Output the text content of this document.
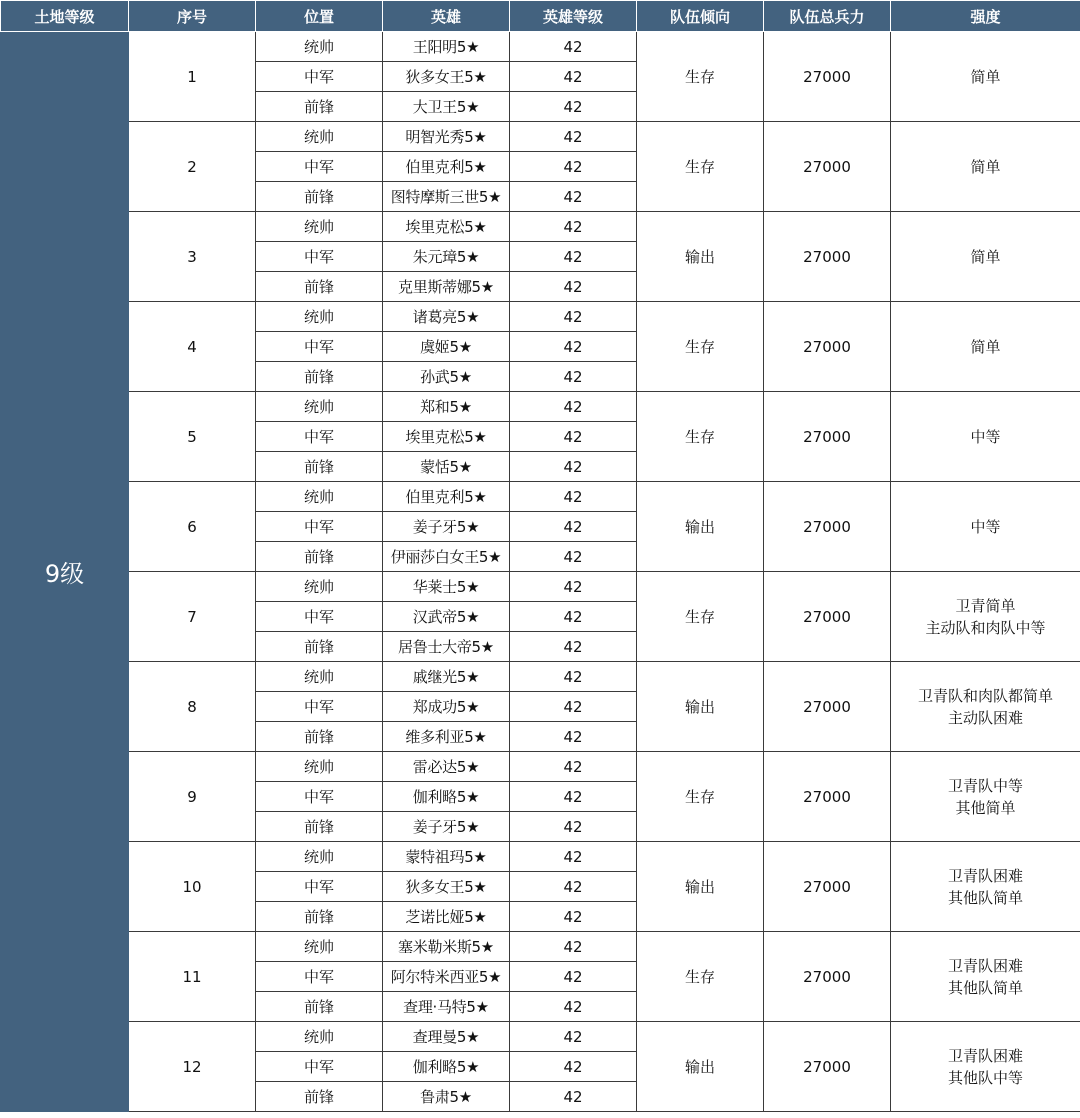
土地等级	序号	位置	英雄	英雄等级	队伍倾向	队伍总兵力	强度
9级	1	统帅	王阳明5★	42	生存	27000	简单

		中军	狄多女王5★	42			
		前锋	大卫王5★	42			
	2	统帅	明智光秀5★	42	生存	27000	简单

		中军	伯里克利5★	42			
		前锋	图特摩斯三世5★	42			
	3	统帅	埃里克松5★	42	输出	27000	简单

		中军	朱元璋5★	42			
		前锋	克里斯蒂娜5★	42			
	4	统帅	诸葛亮5★	42	生存	27000	简单

		中军	虞姬5★	42			
		前锋	孙武5★	42			
	5	统帅	郑和5★	42	生存	27000	中等

		中军	埃里克松5★	42			
		前锋	蒙恬5★	42			
	6	统帅	伯里克利5★	42	输出	27000	中等

		中军	姜子牙5★	42			
		前锋	伊丽莎白女王5★	42			
	7	统帅	华莱士5★	42	生存	27000	卫青简单
主动队和肉队中等

		中军	汉武帝5★	42			
		前锋	居鲁士大帝5★	42			
	8	统帅	戚继光5★	42	输出	27000	卫青队和肉队都简单
主动队困难

		中军	郑成功5★	42			
		前锋	维多利亚5★	42			
	9	统帅	雷必达5★	42	生存	27000	卫青队中等
其他简单

		中军	伽利略5★	42			
		前锋	姜子牙5★	42			
	10	统帅	蒙特祖玛5★	42	输出	27000	卫青队困难
其他队简单

		中军	狄多女王5★	42			
		前锋	芝诺比娅5★	42			
	11	统帅	塞米勒米斯5★	42	生存	27000	卫青队困难
其他队简单

		中军	阿尔特米西亚5★	42			
		前锋	查理·马特5★	42			
	12	统帅	查理曼5★	42	输出	27000	卫青队困难
其他队中等

		中军	伽利略5★	42			
		前锋	鲁肃5★	42			
